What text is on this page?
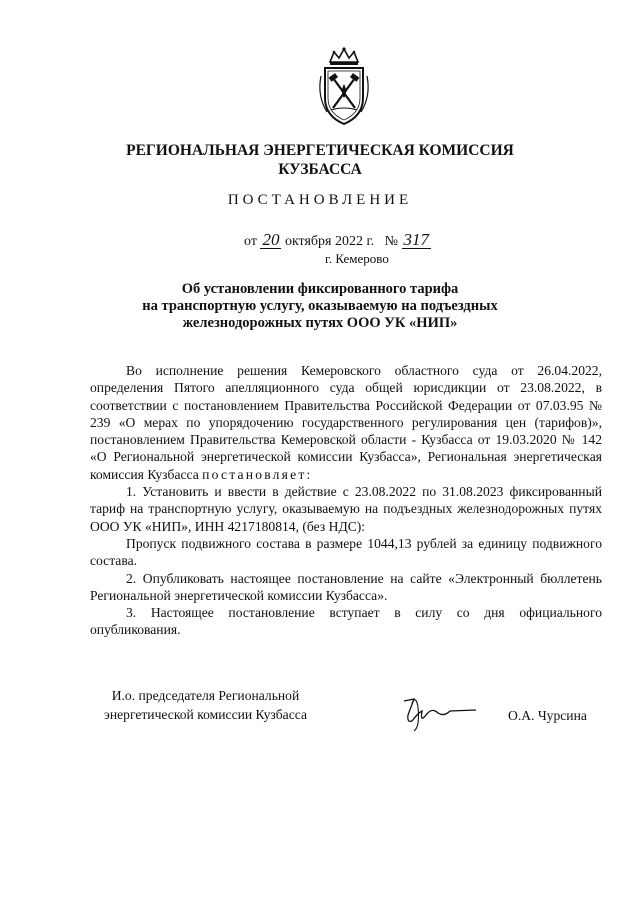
РЕГИОНАЛЬНАЯ ЭНЕРГЕТИЧЕСКАЯ КОМИССИЯ
КУЗБАССА
ПОСТАНОВЛЕНИЕ
от 20 октября 2022 г. № 317
г. Кемерово
Об установлении фиксированного тарифа
на транспортную услугу, оказываемую на подъездных
железнодорожных путях ООО УК «НИП»

Во исполнение решения Кемеровского областного суда от 26.04.2022, определения Пятого апелляционного суда общей юрисдикции от 23.08.2022, в соответствии с постановлением Правительства Российской Федерации от 07.03.95 № 239 «О мерах по упорядочению государственного регулирования цен (тарифов)», постановлением Правительства Кемеровской области - Кузбасса от 19.03.2020 № 142 «О Региональной энергетической комиссии Кузбасса», Региональная энергетическая комиссия Кузбасса постановляет:

1. Установить и ввести в действие с 23.08.2022 по 31.08.2023 фиксированный тариф на транспортную услугу, оказываемую на подъездных железнодорожных путях ООО УК «НИП», ИНН 4217180814, (без НДС):

Пропуск подвижного состава в размере 1044,13 рублей за единицу подвижного состава.

2. Опубликовать настоящее постановление на сайте «Электронный бюллетень Региональной энергетической комиссии Кузбасса».

3. Настоящее постановление вступает в силу со дня официального опубликования.

И.о. председателя Региональной
энергетической комиссии Кузбасса	О.А. Чурсина
